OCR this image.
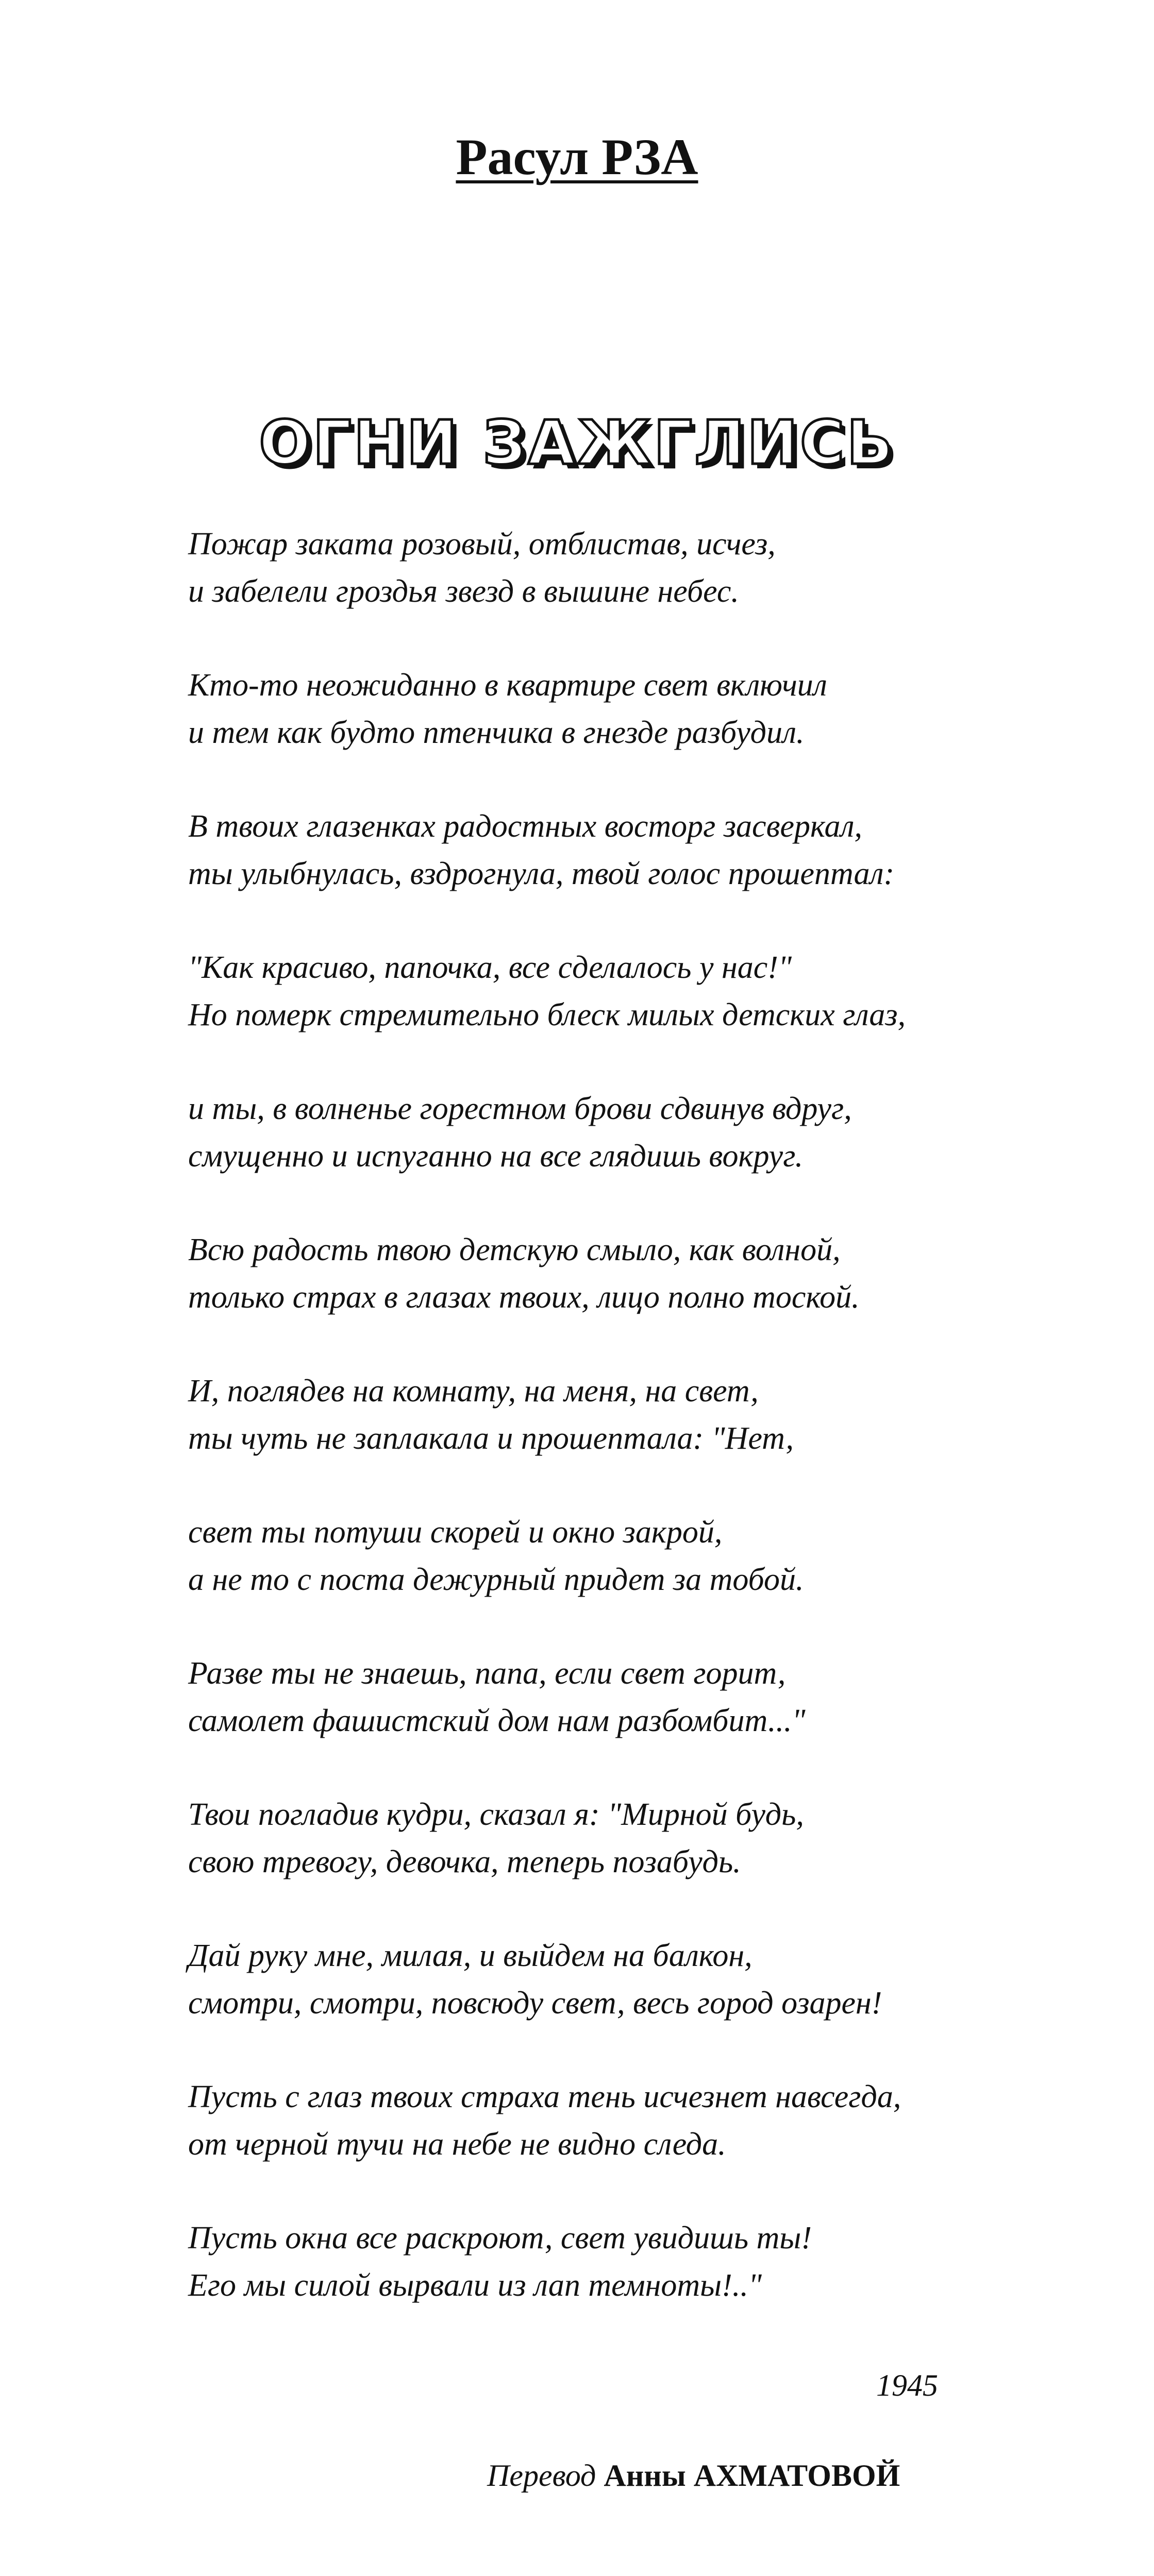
Расул РЗА
ОГНИ ЗАЖГЛИСЬ
Пожар заката розовый, отблистав, исчез,
и забелели гроздья звезд в вышине небес.
Кто-то неожиданно в квартире свет включил
и тем как будто птенчика в гнезде разбудил.
В твоих глазенках радостных восторг засверкал,
ты улыбнулась, вздрогнула, твой голос прошептал:
"Как красиво, папочка, все сделалось у нас!"
Но померк стремительно блеск милых детских глаз,
и ты, в волненье горестном брови сдвинув вдруг,
смущенно и испуганно на все глядишь вокруг.
Всю радость твою детскую смыло, как волной,
только страх в глазах твоих, лицо полно тоской.
И, поглядев на комнату, на меня, на свет,
ты чуть не заплакала и прошептала: "Нет,
свет ты потуши скорей и окно закрой,
а не то с поста дежурный придет за тобой.
Разве ты не знаешь, папа, если свет горит,
самолет фашистский дом нам разбомбит..."
Твои погладив кудри, сказал я: "Мирной будь,
свою тревогу, девочка, теперь позабудь.
Дай руку мне, милая, и выйдем на балкон,
смотри, смотри, повсюду свет, весь город озарен!
Пусть с глаз твоих страха тень исчезнет навсегда,
от черной тучи на небе не видно следа.
Пусть окна все раскроют, свет увидишь ты!
Его мы силой вырвали из лап темноты!.."
1945
Перевод Анны АХМАТОВОЙ
